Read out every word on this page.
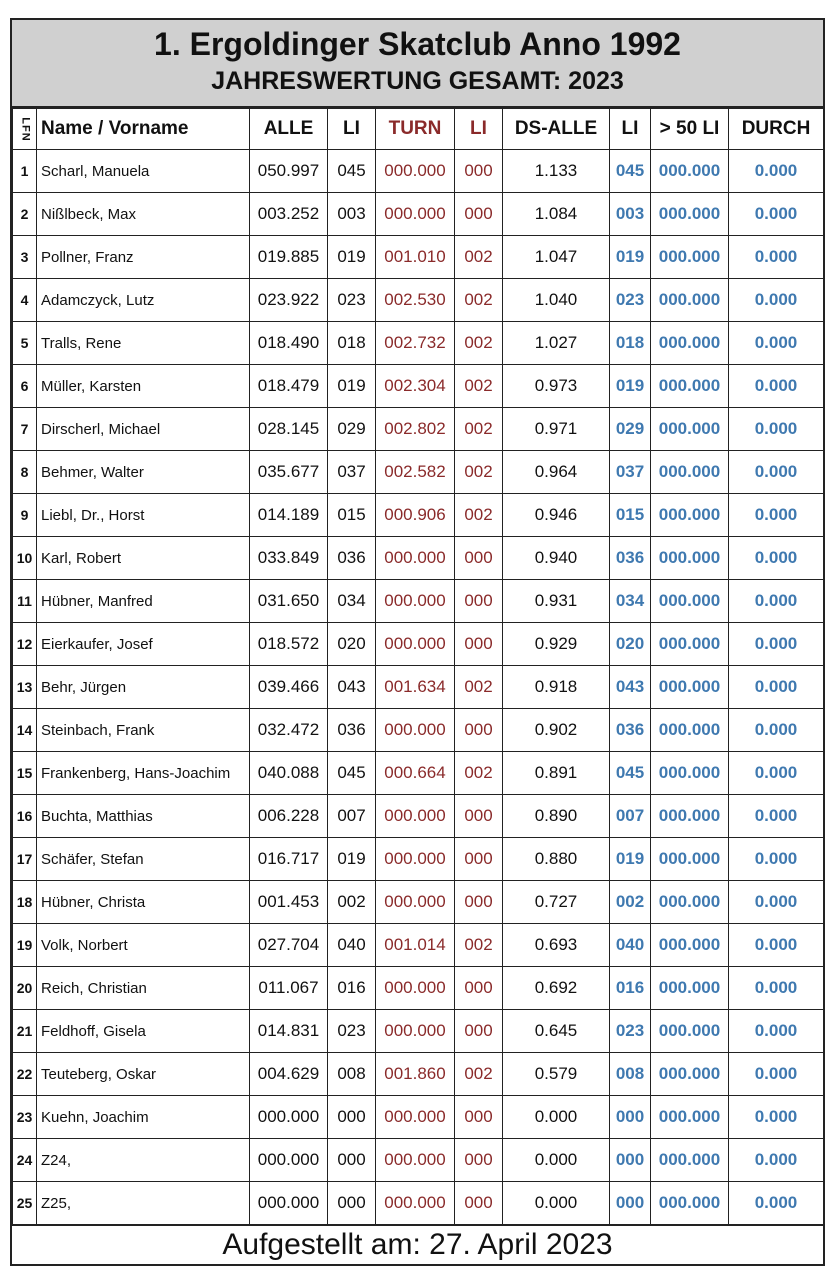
1. Ergoldinger Skatclub Anno 1992
JAHRESWERTUNG GESAMT: 2023
LFN	Name / Vorname	ALLE	LI	TURN	LI	DS-ALLE	LI	> 50 LI	DURCH
1	Scharl, Manuela	050.997	045	000.000	000	1.133	045	000.000	0.000
2	Nißlbeck, Max	003.252	003	000.000	000	1.084	003	000.000	0.000
3	Pollner, Franz	019.885	019	001.010	002	1.047	019	000.000	0.000
4	Adamczyck, Lutz	023.922	023	002.530	002	1.040	023	000.000	0.000
5	Tralls, Rene	018.490	018	002.732	002	1.027	018	000.000	0.000
6	Müller, Karsten	018.479	019	002.304	002	0.973	019	000.000	0.000
7	Dirscherl, Michael	028.145	029	002.802	002	0.971	029	000.000	0.000
8	Behmer, Walter	035.677	037	002.582	002	0.964	037	000.000	0.000
9	Liebl, Dr., Horst	014.189	015	000.906	002	0.946	015	000.000	0.000
10	Karl, Robert	033.849	036	000.000	000	0.940	036	000.000	0.000
11	Hübner, Manfred	031.650	034	000.000	000	0.931	034	000.000	0.000
12	Eierkaufer, Josef	018.572	020	000.000	000	0.929	020	000.000	0.000
13	Behr, Jürgen	039.466	043	001.634	002	0.918	043	000.000	0.000
14	Steinbach, Frank	032.472	036	000.000	000	0.902	036	000.000	0.000
15	Frankenberg, Hans-Joachim	040.088	045	000.664	002	0.891	045	000.000	0.000
16	Buchta, Matthias	006.228	007	000.000	000	0.890	007	000.000	0.000
17	Schäfer, Stefan	016.717	019	000.000	000	0.880	019	000.000	0.000
18	Hübner, Christa	001.453	002	000.000	000	0.727	002	000.000	0.000
19	Volk, Norbert	027.704	040	001.014	002	0.693	040	000.000	0.000
20	Reich, Christian	011.067	016	000.000	000	0.692	016	000.000	0.000
21	Feldhoff, Gisela	014.831	023	000.000	000	0.645	023	000.000	0.000
22	Teuteberg, Oskar	004.629	008	001.860	002	0.579	008	000.000	0.000
23	Kuehn, Joachim	000.000	000	000.000	000	0.000	000	000.000	0.000
24	Z24,	000.000	000	000.000	000	0.000	000	000.000	0.000
25	Z25,	000.000	000	000.000	000	0.000	000	000.000	0.000
Aufgestellt am: 27. April 2023
